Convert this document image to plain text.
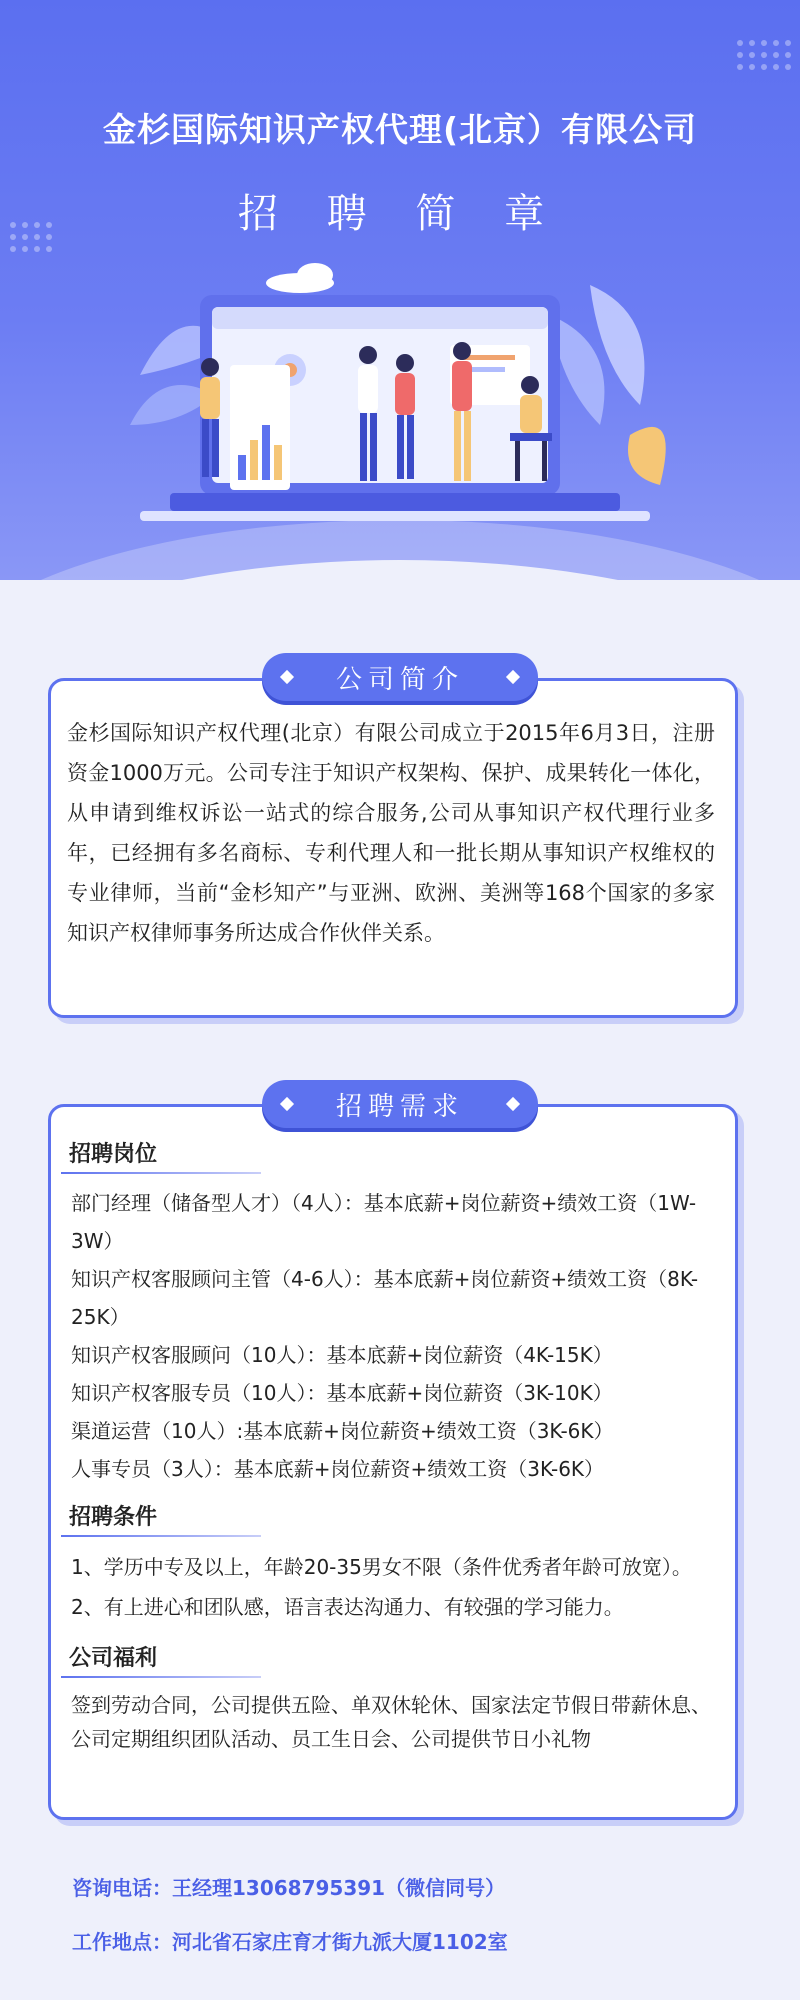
金杉国际知识产权代理(北京）有限公司
招 聘 简 章
公司简介
金杉国际知识产权代理(北京）有限公司成立于2015年6月3日，注册资金1000万元。公司专注于知识产权架构、保护、成果转化一体化，从申请到维权诉讼一站式的综合服务,公司从事知识产权代理行业多年，已经拥有多名商标、专利代理人和一批长期从事知识产权维权的专业律师，当前“金杉知产”与亚洲、欧洲、美洲等168个国家的多家知识产权律师事务所达成合作伙伴关系。
招聘需求
招聘岗位
部门经理（储备型人才）（4人）：基本底薪+岗位薪资+绩效工资（1W-3W）
知识产权客服顾问主管（4-6人）：基本底薪+岗位薪资+绩效工资（8K-25K）
知识产权客服顾问（10人）：基本底薪+岗位薪资（4K-15K）
知识产权客服专员（10人）：基本底薪+岗位薪资（3K-10K）
渠道运营（10人）:基本底薪+岗位薪资+绩效工资（3K-6K）
人事专员（3人）：基本底薪+岗位薪资+绩效工资（3K-6K）
招聘条件
1、学历中专及以上，年龄20-35男女不限（条件优秀者年龄可放宽）。
2、有上进心和团队感，语言表达沟通力、有较强的学习能力。
公司福利
签到劳动合同，公司提供五险、单双休轮休、国家法定节假日带薪休息、公司定期组织团队活动、员工生日会、公司提供节日小礼物
咨询电话：王经理13068795391（微信同号）
工作地点：河北省石家庄育才街九派大厦1102室
